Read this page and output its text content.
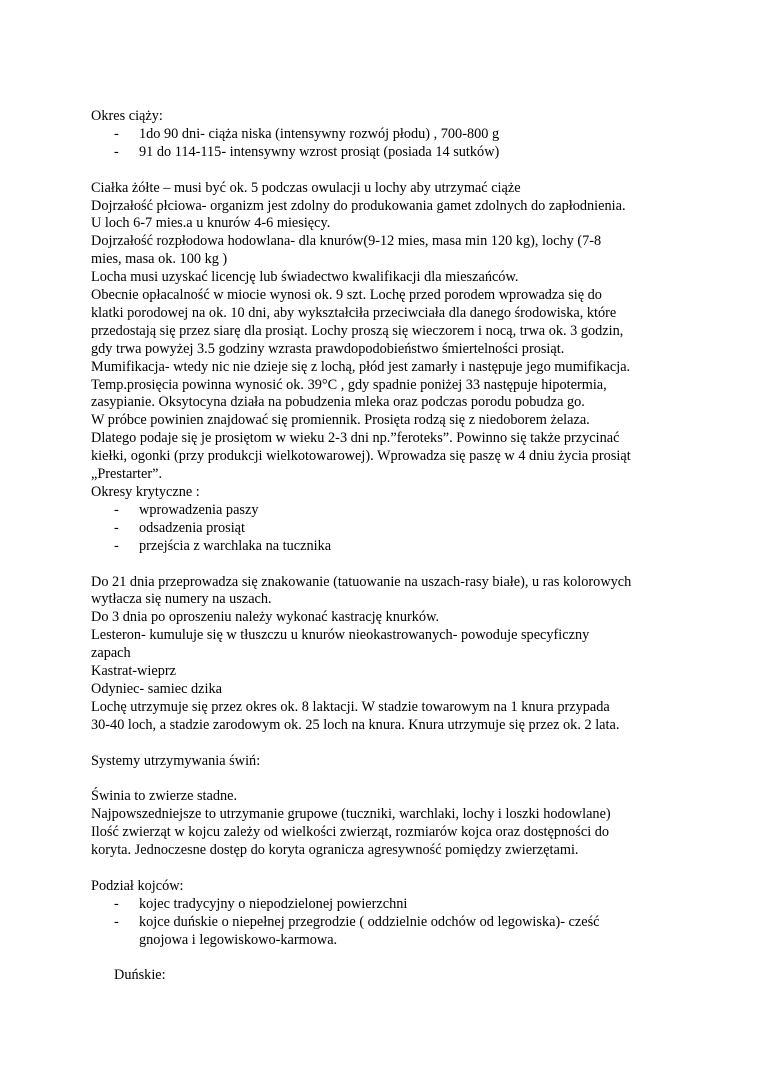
Okres ciąży:

-	1do 90 dni- ciąża niska (intensywny rozwój płodu) , 700-800 g
-	91 do 114-115- intensywny wzrost prosiąt (posiada 14 sutków)

Ciałka żółte – musi być ok. 5 podczas owulacji u lochy aby utrzymać ciąże

Dojrzałość płciowa- organizm jest zdolny do produkowania gamet zdolnych do zapłodnienia.

U loch 6-7 mies.a u knurów 4-6 miesięcy.

Dojrzałość rozpłodowa hodowlana- dla knurów(9-12 mies, masa min 120 kg), lochy (7-8

mies, masa ok. 100 kg )

Locha musi uzyskać licencję lub świadectwo kwalifikacji dla mieszańców.

Obecnie opłacalność w miocie wynosi ok. 9 szt. Lochę przed porodem wprowadza się do

klatki porodowej na ok. 10 dni, aby wykształciła przeciwciała dla danego środowiska, które

przedostają się przez siarę dla prosiąt. Lochy proszą się wieczorem i nocą, trwa ok. 3 godzin,

gdy trwa powyżej 3.5 godziny wzrasta prawdopodobieństwo śmiertelności prosiąt.

Mumifikacja- wtedy nic nie dzieje się z lochą, płód jest zamarły i następuje jego mumifikacja.

Temp.prosięcia powinna wynosić ok. 39°C , gdy spadnie poniżej 33 następuje hipotermia,

zasypianie. Oksytocyna działa na pobudzenia mleka oraz podczas porodu pobudza go.

W próbce powinien znajdować się promiennik. Prosięta rodzą się z niedoborem żelaza.

Dlatego podaje się je prosiętom w wieku 2-3 dni np.”feroteks”. Powinno się także przycinać

kiełki, ogonki (przy produkcji wielkotowarowej). Wprowadza się paszę w 4 dniu życia prosiąt

„Prestarter”.

Okresy krytyczne :

-	wprowadzenia paszy
-	odsadzenia prosiąt
-	przejścia z warchlaka na tucznika

Do 21 dnia przeprowadza się znakowanie (tatuowanie na uszach-rasy białe), u ras kolorowych

wytłacza się numery na uszach.

Do 3 dnia po oproszeniu należy wykonać kastrację knurków.

Lesteron- kumuluje się w tłuszczu u knurów nieokastrowanych- powoduje specyficzny

zapach

Kastrat-wieprz

Odyniec- samiec dzika

Lochę utrzymuje się przez okres ok. 8 laktacji. W stadzie towarowym na 1 knura przypada

30-40 loch, a stadzie zarodowym ok. 25 loch na knura. Knura utrzymuje się przez ok. 2 lata.

Systemy utrzymywania świń:

Świnia to zwierze stadne.

Najpowszedniejsze to utrzymanie grupowe (tuczniki, warchlaki, lochy i loszki hodowlane)

Ilość zwierząt w kojcu zależy od wielkości zwierząt, rozmiarów kojca oraz dostępności do

koryta. Jednoczesne dostęp do koryta ogranicza agresywność pomiędzy zwierzętami.

Podział kojców:

-	kojec tradycyjny o niepodzielonej powierzchni
-	kojce duńskie o niepełnej przegrodzie ( oddzielnie odchów od legowiska)- cześć
gnojowa i legowiskowo-karmowa.

Duńskie:
